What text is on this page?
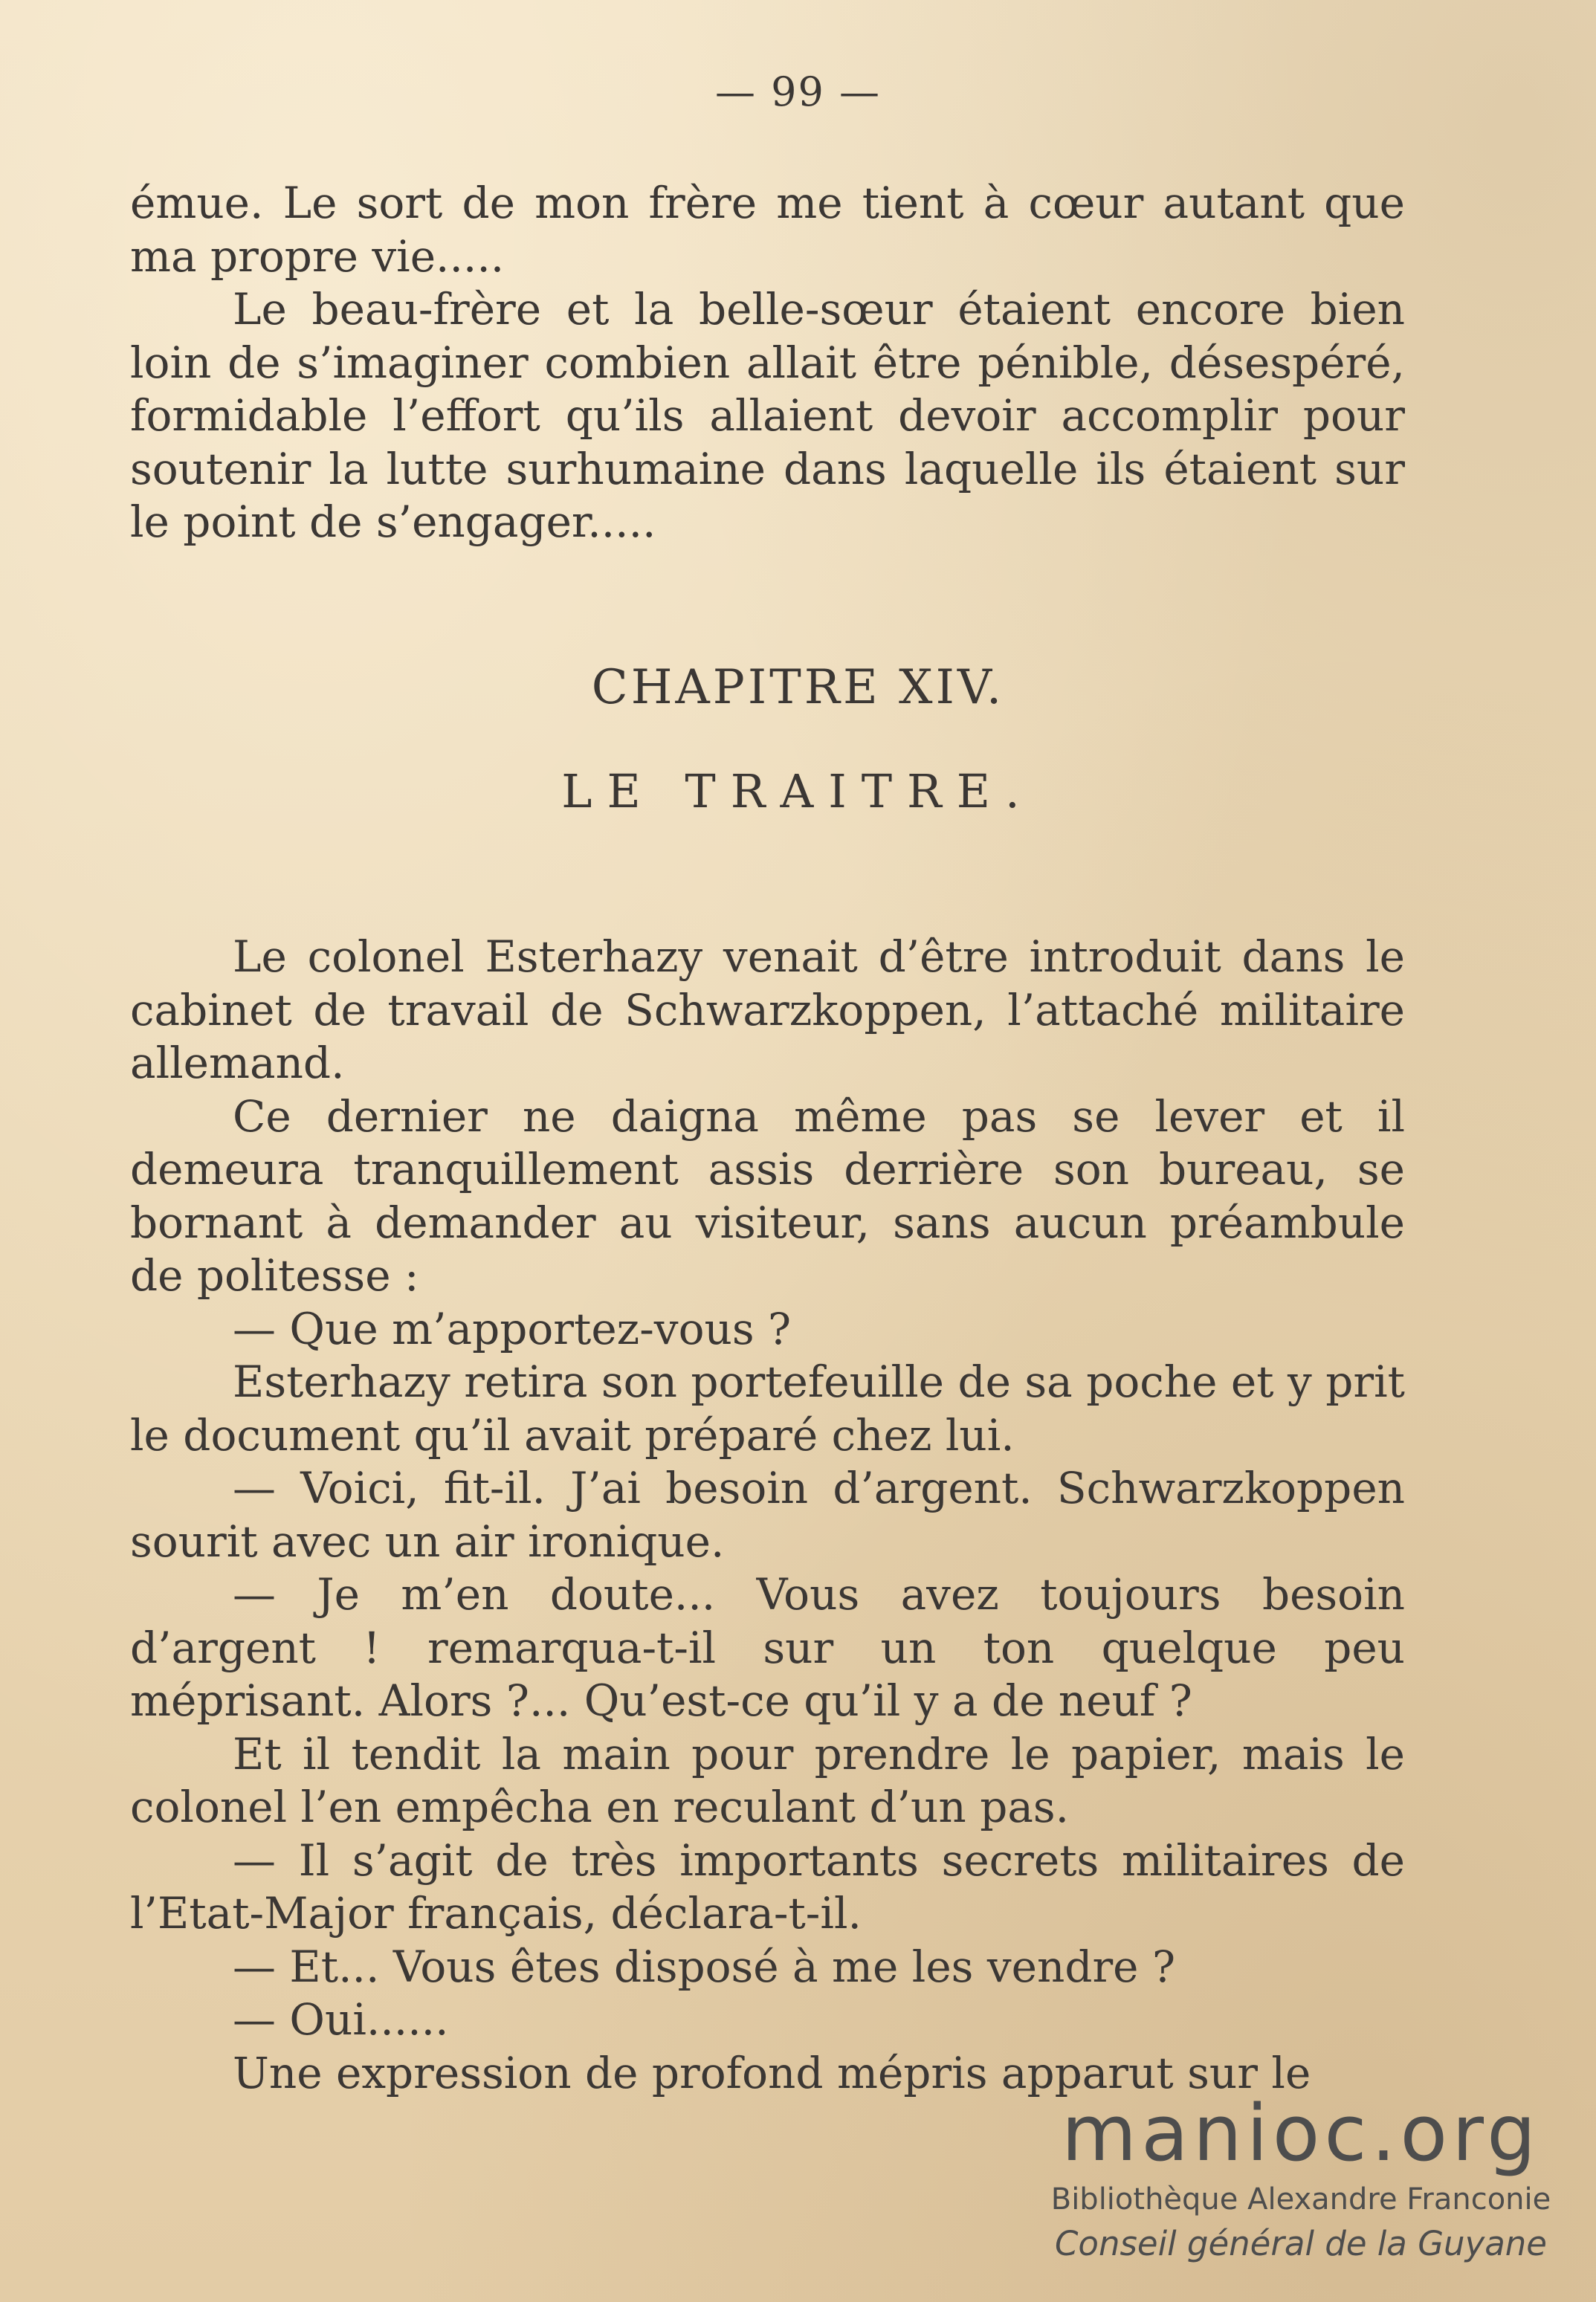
— 99 —

émue. Le sort de mon frère me tient à cœur autant que ma propre vie.....

Le beau-frère et la belle-sœur étaient encore bien loin de s’imaginer combien allait être pénible, désespéré, formidable l’effort qu’ils allaient devoir accomplir pour soutenir la lutte surhumaine dans laquelle ils étaient sur le point de s’engager.....

CHAPITRE XIV.
LE TRAITRE.

Le colonel Esterhazy venait d’être introduit dans le cabinet de travail de Schwarzkoppen, l’attaché militaire allemand.

Ce dernier ne daigna même pas se lever et il demeura tranquillement assis derrière son bureau, se bornant à demander au visiteur, sans aucun préambule de politesse :

— Que m’apportez-vous ?

Esterhazy retira son portefeuille de sa poche et y prit le document qu’il avait préparé chez lui.

— Voici, fit-il. J’ai besoin d’argent. Schwarzkoppen sourit avec un air ironique.

— Je m’en doute... Vous avez toujours besoin d’argent ! remarqua-t-il sur un ton quelque peu méprisant. Alors ?... Qu’est-ce qu’il y a de neuf ?

Et il tendit la main pour prendre le papier, mais le colonel l’en empêcha en reculant d’un pas.

— Il s’agit de très importants secrets militaires de l’Etat-Major français, déclara-t-il.

— Et... Vous êtes disposé à me les vendre ?

— Oui......

Une expression de profond mépris apparut sur le

manioc.org
Bibliothèque Alexandre Franconie
Conseil général de la Guyane
